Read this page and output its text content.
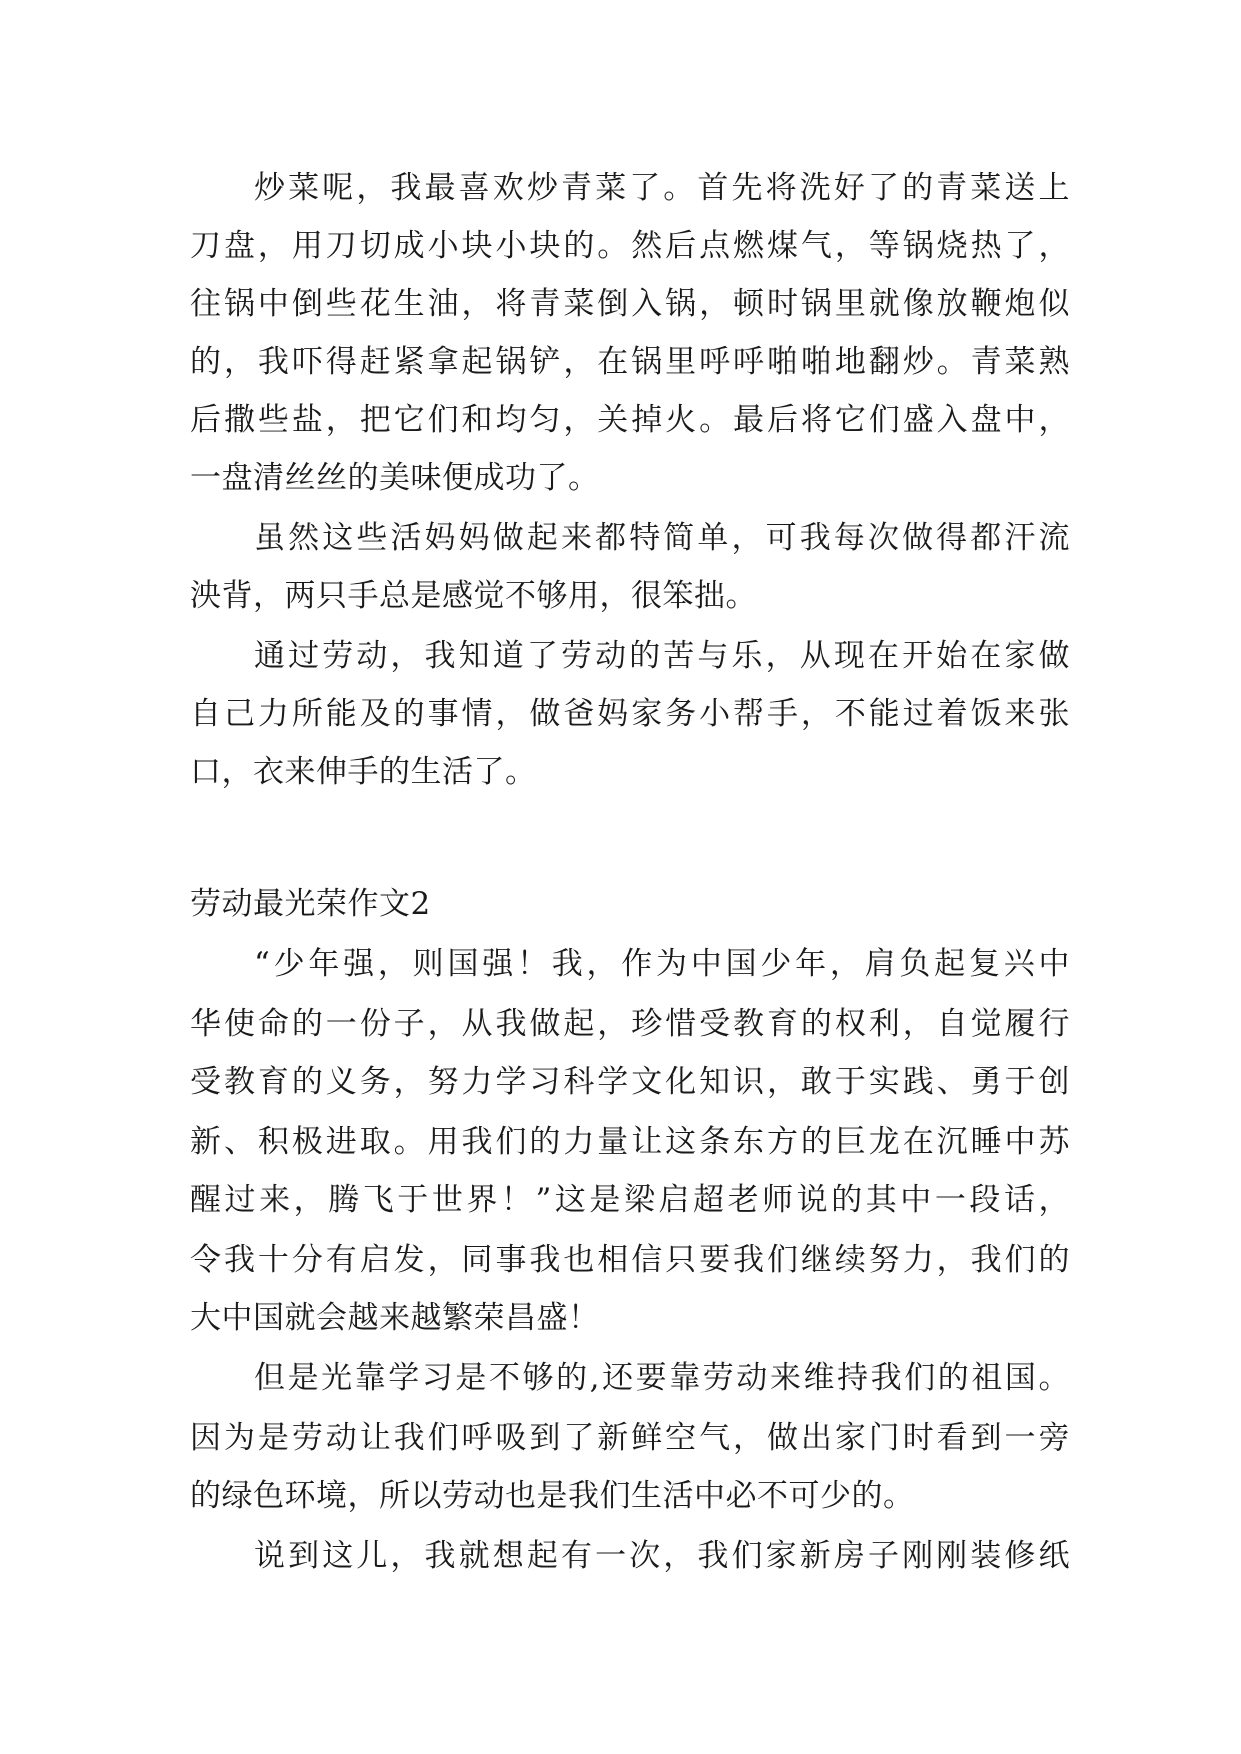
炒菜呢，我最喜欢炒青菜了。首先将洗好了的青菜送上

刀盘，用刀切成小块小块的。然后点燃煤气，等锅烧热了，

往锅中倒些花生油，将青菜倒入锅，顿时锅里就像放鞭炮似

的，我吓得赶紧拿起锅铲，在锅里呼呼啪啪地翻炒。青菜熟

后撒些盐，把它们和均匀，关掉火。最后将它们盛入盘中，

一盘清丝丝的美味便成功了。

虽然这些活妈妈做起来都特简单，可我每次做得都汗流

泱背，两只手总是感觉不够用，很笨拙。

通过劳动，我知道了劳动的苦与乐，从现在开始在家做

自己力所能及的事情，做爸妈家务小帮手，不能过着饭来张

口，衣来伸手的生活了。

劳动最光荣作文2

“少年强，则国强！我，作为中国少年，肩负起复兴中

华使命的一份子，从我做起，珍惜受教育的权利，自觉履行

受教育的义务，努力学习科学文化知识，敢于实践、勇于创

新、积极进取。用我们的力量让这条东方的巨龙在沉睡中苏

醒过来，腾飞于世界！”这是梁启超老师说的其中一段话，

令我十分有启发，同事我也相信只要我们继续努力，我们的

大中国就会越来越繁荣昌盛！

但是光靠学习是不够的,还要靠劳动来维持我们的祖国。

因为是劳动让我们呼吸到了新鲜空气，做出家门时看到一旁

的绿色环境，所以劳动也是我们生活中必不可少的。

说到这儿，我就想起有一次，我们家新房子刚刚装修纸
